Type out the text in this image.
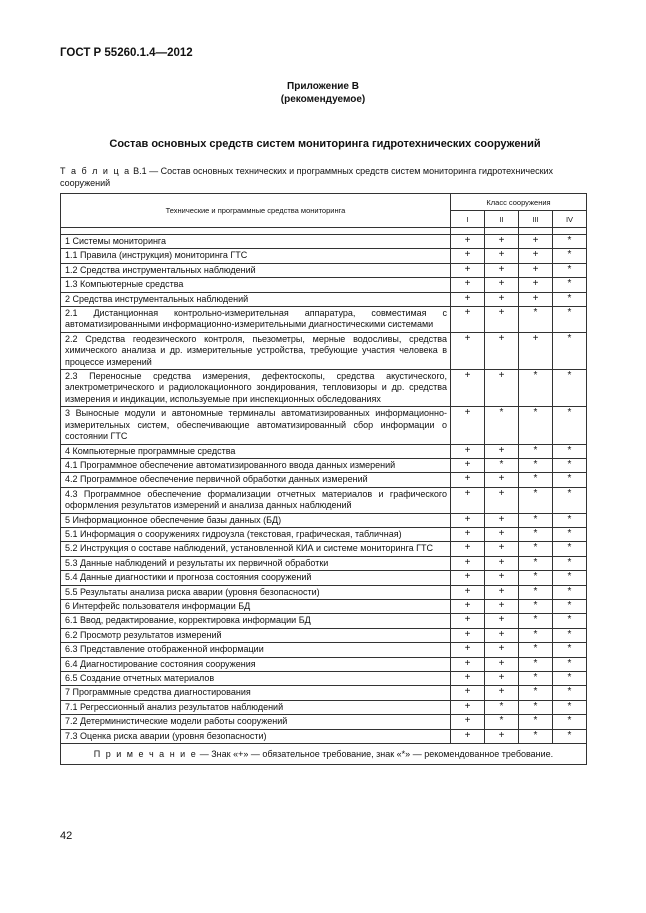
ГОСТ Р 55260.1.4—2012
Приложение В
(рекомендуемое)
Состав основных средств систем мониторинга гидротехнических сооружений
Т а б л и ц а В.1 — Состав основных технических и программных средств систем мониторинга гидротехнических сооружений
Технические и программные средства мониторинга	Класс сооружения			
	I	II	III	IV

1 Системы мониторинга	+	+	+	*
1.1 Правила (инструкция) мониторинга ГТС	+	+	+	*
1.2 Средства инструментальных наблюдений	+	+	+	*
1.3 Компьютерные средства	+	+	+	*
2 Средства инструментальных наблюдений	+	+	+	*
2.1 Дистанционная контрольно-измерительная аппаратура, совместимая с автоматизированными информационно-измерительными диагностическими системами	+	+	*	*
2.2 Средства геодезического контроля, пьезометры, мерные водосливы, средства химического анализа и др. измерительные устройства, требующие участия человека в процессе измерений	+	+	+	*
2.3 Переносные средства измерения, дефектоскопы, средства акустического, электрометрического и радиолокационного зондирования, тепловизоры и др. средства измерения и индикации, используемые при инспекционных обследованиях	+	+	*	*
3 Выносные модули и автономные терминалы автоматизированных информационно-измерительных систем, обеспечивающие автоматизированный сбор информации о состоянии ГТС	+	*	*	*
4 Компьютерные программные средства	+	+	*	*
4.1 Программное обеспечение автоматизированного ввода данных измерений	+	*	*	*
4.2 Программное обеспечение первичной обработки данных измерений	+	+	*	*
4.3 Программное обеспечение формализации отчетных материалов и графического оформления результатов измерений и анализа данных наблюдений	+	+	*	*
5 Информационное обеспечение базы данных (БД)	+	+	*	*
5.1 Информация о сооружениях гидроузла (текстовая, графическая, табличная)	+	+	*	*
5.2 Инструкция о составе наблюдений, установленной КИА и системе мониторинга ГТС	+	+	*	*
5.3 Данные наблюдений и результаты их первичной обработки	+	+	*	*
5.4 Данные диагностики и прогноза состояния сооружений	+	+	*	*
5.5 Результаты анализа риска аварии (уровня безопасности)	+	+	*	*
6 Интерфейс пользователя информации БД	+	+	*	*
6.1 Ввод, редактирование, корректировка информации БД	+	+	*	*
6.2 Просмотр результатов измерений	+	+	*	*
6.3 Представление отображенной информации	+	+	*	*
6.4 Диагностирование состояния сооружения	+	+	*	*
6.5 Создание отчетных материалов	+	+	*	*
7 Программные средства диагностирования	+	+	*	*
7.1 Регрессионный анализ результатов наблюдений	+	*	*	*
7.2 Детерминистические модели работы сооружений	+	*	*	*
7.3 Оценка риска аварии (уровня безопасности)	+	+	*	*
П р и м е ч а н и е — Знак «+» — обязательное требование, знак «*» — рекомендованное требование.				
42
